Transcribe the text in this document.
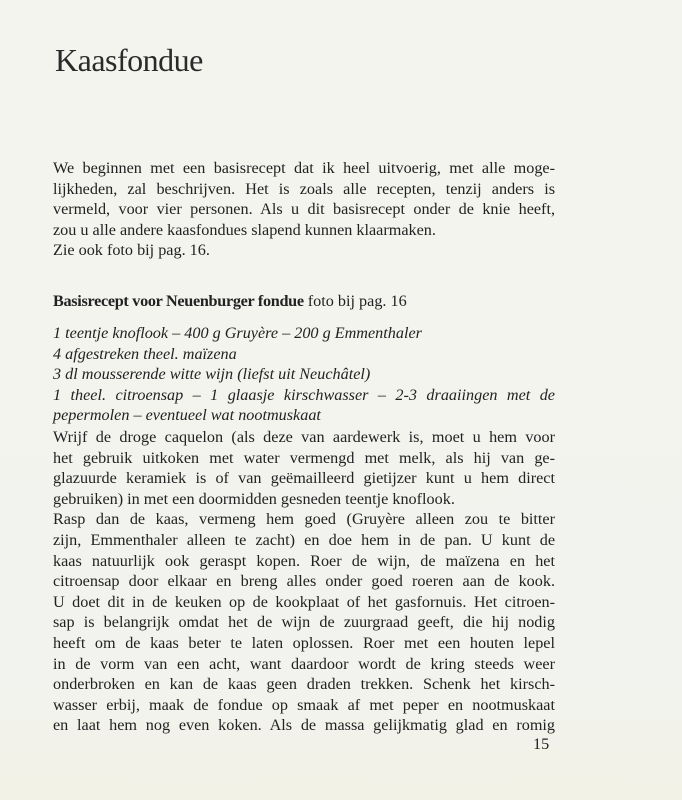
Kaasfondue

We beginnen met een basisrecept dat ik heel uitvoerig, met alle moge-

lijkheden, zal beschrijven. Het is zoals alle recepten, tenzij anders is

vermeld, voor vier personen. Als u dit basisrecept onder de knie heeft,

zou u alle andere kaasfondues slapend kunnen klaarmaken.

Zie ook foto bij pag. 16.

Basisrecept voor Neuenburger fondue foto bij pag. 16

1 teentje knoflook – 400 g Gruyère – 200 g Emmenthaler

4 afgestreken theel. maïzena

3 dl mousserende witte wijn (liefst uit Neuchâtel)

1 theel. citroensap – 1 glaasje kirschwasser – 2-3 draaiingen met de

pepermolen – eventueel wat nootmuskaat

Wrijf de droge caquelon (als deze van aardewerk is, moet u hem voor

het gebruik uitkoken met water vermengd met melk, als hij van ge-

glazuurde keramiek is of van geëmailleerd gietijzer kunt u hem direct

gebruiken) in met een doormidden gesneden teentje knoflook.

Rasp dan de kaas, vermeng hem goed (Gruyère alleen zou te bitter

zijn, Emmenthaler alleen te zacht) en doe hem in de pan. U kunt de

kaas natuurlijk ook geraspt kopen. Roer de wijn, de maïzena en het

citroensap door elkaar en breng alles onder goed roeren aan de kook.

U doet dit in de keuken op de kookplaat of het gasfornuis. Het citroen-

sap is belangrijk omdat het de wijn de zuurgraad geeft, die hij nodig

heeft om de kaas beter te laten oplossen. Roer met een houten lepel

in de vorm van een acht, want daardoor wordt de kring steeds weer

onderbroken en kan de kaas geen draden trekken. Schenk het kirsch-

wasser erbij, maak de fondue op smaak af met peper en nootmuskaat

en laat hem nog even koken. Als de massa gelijkmatig glad en romig

15
